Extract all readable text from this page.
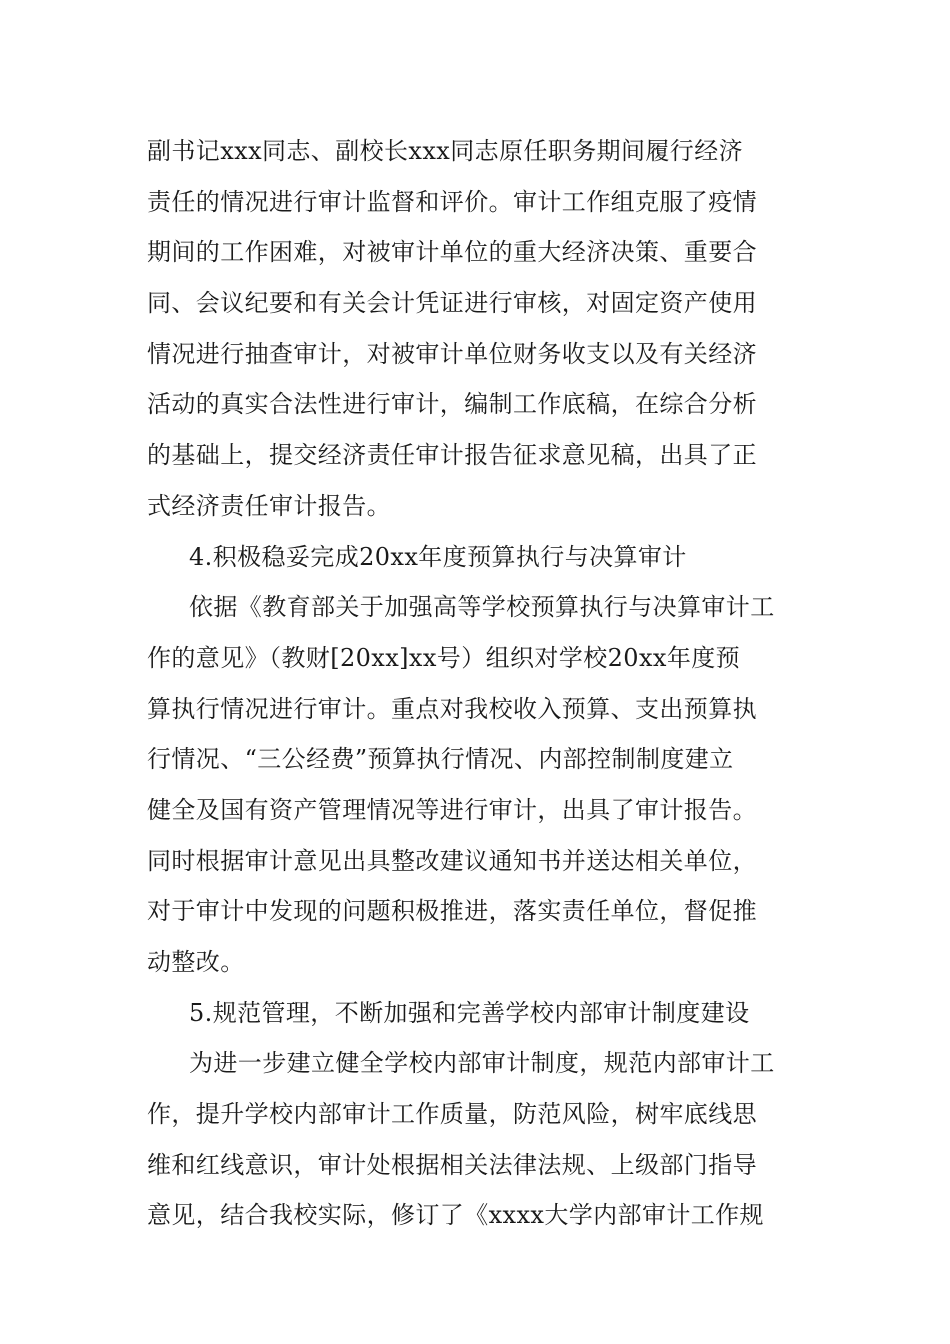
副书记xxx同志、副校长xxx同志原任职务期间履行经济
责任的情况进行审计监督和评价。审计工作组克服了疫情
期间的工作困难，对被审计单位的重大经济决策、重要合
同、会议纪要和有关会计凭证进行审核，对固定资产使用
情况进行抽查审计，对被审计单位财务收支以及有关经济
活动的真实合法性进行审计，编制工作底稿，在综合分析
的基础上，提交经济责任审计报告征求意见稿，出具了正
式经济责任审计报告。
4.积极稳妥完成20xx年度预算执行与决算审计
依据《教育部关于加强高等学校预算执行与决算审计工
作的意见》（教财[20xx]xx号）组织对学校20xx年度预
算执行情况进行审计。重点对我校收入预算、支出预算执
行情况、“三公经费”预算执行情况、内部控制制度建立
健全及国有资产管理情况等进行审计，出具了审计报告。
同时根据审计意见出具整改建议通知书并送达相关单位，
对于审计中发现的问题积极推进，落实责任单位，督促推
动整改。
5.规范管理，不断加强和完善学校内部审计制度建设
为进一步建立健全学校内部审计制度，规范内部审计工
作，提升学校内部审计工作质量，防范风险，树牢底线思
维和红线意识，审计处根据相关法律法规、上级部门指导
意见，结合我校实际，修订了《xxxx大学内部审计工作规
